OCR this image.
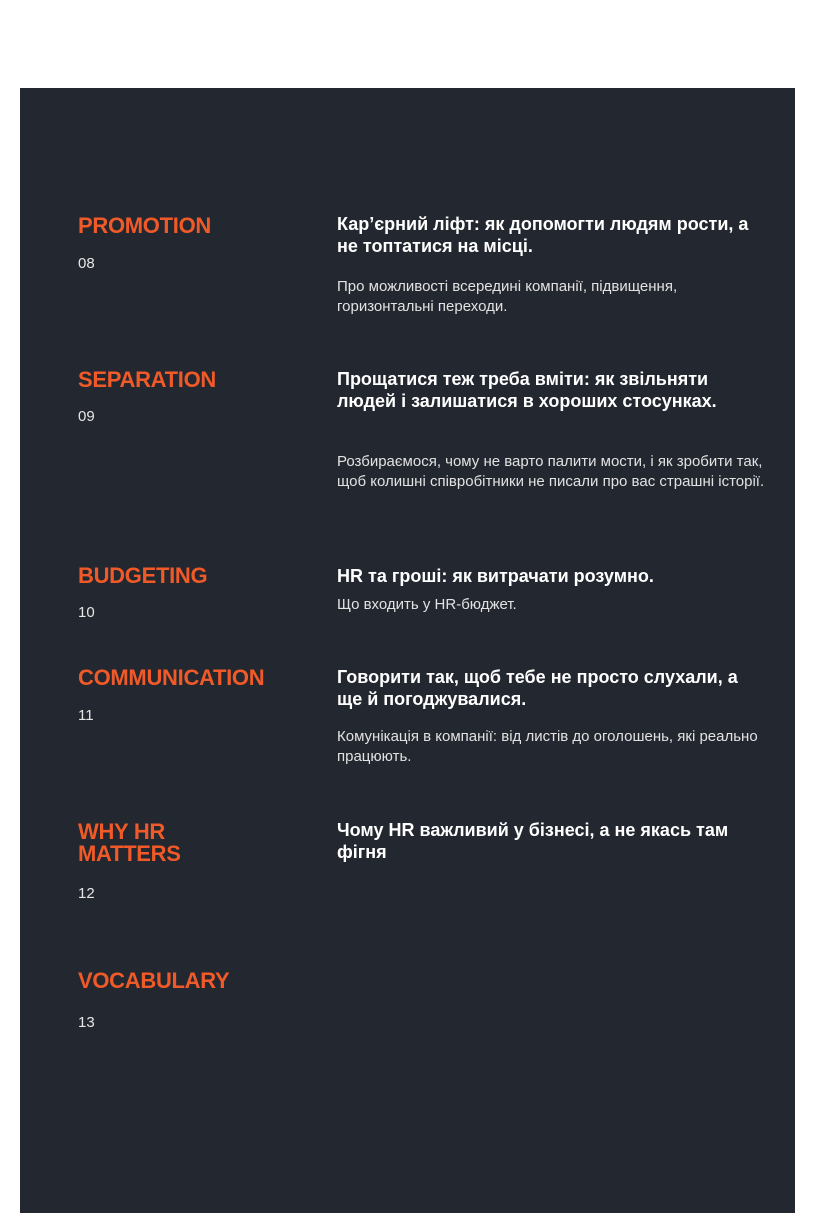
PROMOTION
08
Кар’єрний ліфт: як допомогти людям рости, а не топтатися на місці.

Про можливості всередині компанії, підвищення, горизонтальні переходи.

SEPARATION
09
Прощатися теж треба вміти: як звільняти людей і залишатися в хороших стосунках.

Розбираємося, чому не варто палити мости, і як зробити так, щоб колишні співробітники не писали про вас страшні історії.

BUDGETING
10
HR та гроші: як витрачати розумно.

Що входить у HR-бюджет.

COMMUNICATION
11
Говорити так, щоб тебе не просто слухали, а ще й погоджувалися.

Комунікація в компанії: від листів до оголошень, які реально працюють.

WHY HR MATTERS
12
Чому HR важливий у бізнесі, а не якась там фігня
VOCABULARY
13
